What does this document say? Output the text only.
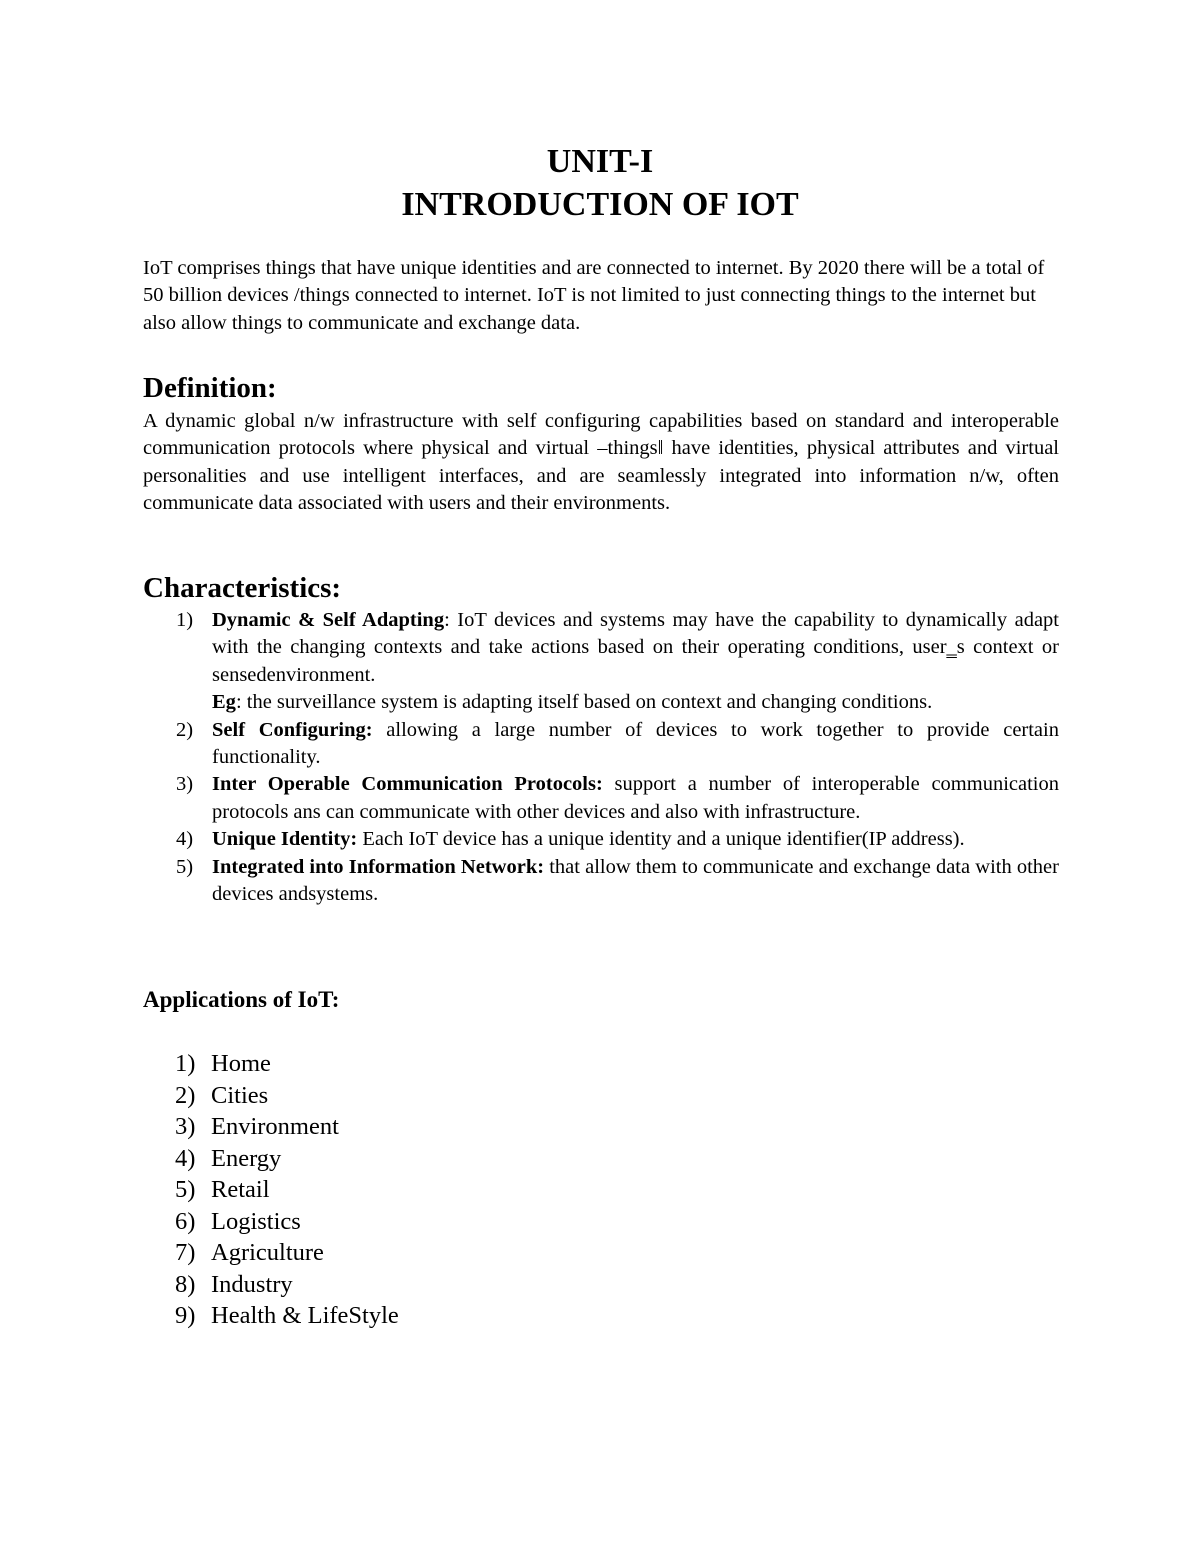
UNIT-I
INTRODUCTION OF IOT
IoT comprises things that have unique identities and are connected to internet. By 2020 there will be a total of 50 billion devices /things connected to internet. IoT is not limited to just connecting things to the internet but also allow things to communicate and exchange data.
Definition:
A dynamic global n/w infrastructure with self configuring capabilities based on standard and interoperable communication protocols where physical and virtual –things‖ have identities, physical attributes and virtual personalities and use intelligent interfaces, and are seamlessly integrated into information n/w, often communicate data associated with users and their environments.
Characteristics:
1) Dynamic & Self Adapting: IoT devices and systems may have the capability to dynamically adapt with the changing contexts and take actions based on their operating conditions, user‗s context or sensedenvironment.
Eg: the surveillance system is adapting itself based on context and changing conditions.
2) Self Configuring: allowing a large number of devices to work together to provide certain functionality.
3) Inter Operable Communication Protocols: support a number of interoperable communication protocols ans can communicate with other devices and also with infrastructure.
4) Unique Identity: Each IoT device has a unique identity and a unique identifier(IP address).
5) Integrated into Information Network: that allow them to communicate and exchange data with other devices andsystems.
Applications of IoT:
1) Home
2) Cities
3) Environment
4) Energy
5) Retail
6) Logistics
7) Agriculture
8) Industry
9) Health & LifeStyle
